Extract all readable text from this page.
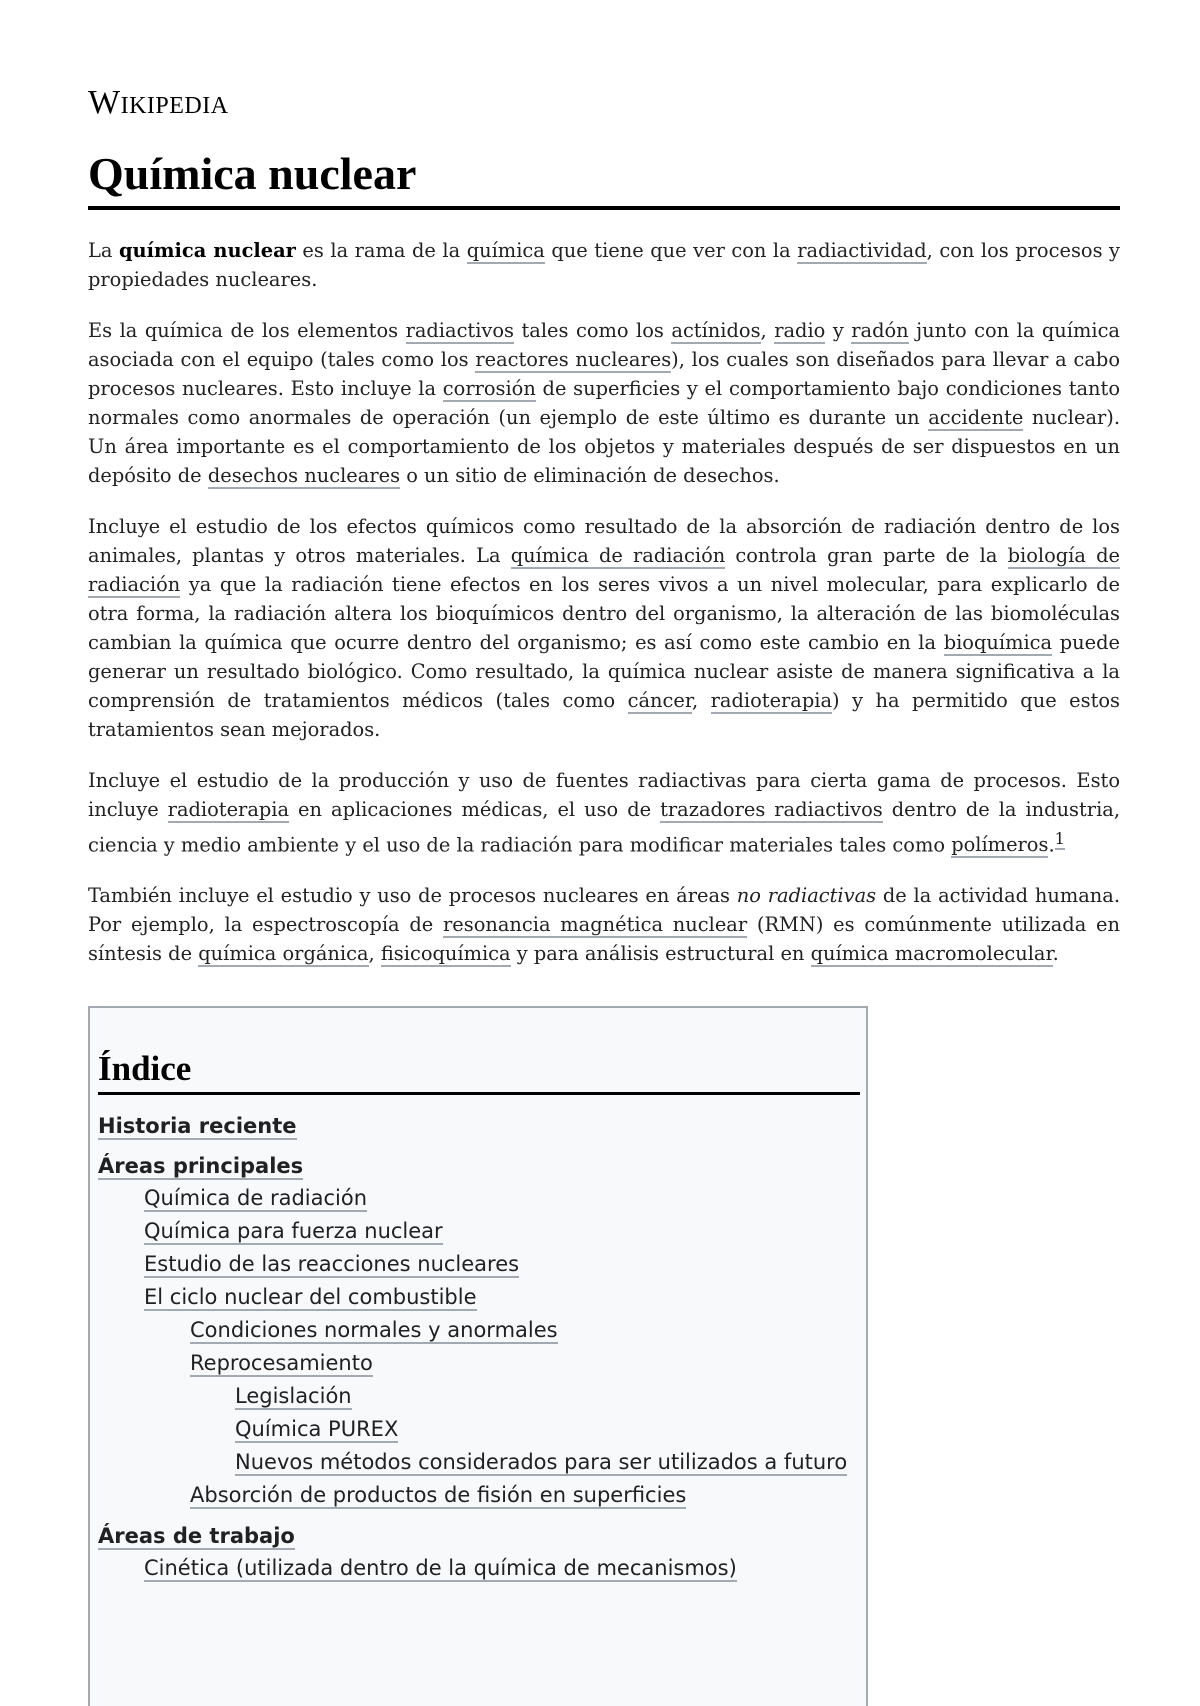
Wikipedia
Química nuclear

La química nuclear es la rama de la química que tiene que ver con la radiactividad, con los procesos y propiedades nucleares.

Es la química de los elementos radiactivos tales como los actínidos, radio y radón junto con la química asociada con el equipo (tales como los reactores nucleares), los cuales son diseñados para llevar a cabo procesos nucleares. Esto incluye la corrosión de superficies y el comportamiento bajo condiciones tanto normales como anormales de operación (un ejemplo de este último es durante un accidente nuclear). Un área importante es el comportamiento de los objetos y materiales después de ser dispuestos en un depósito de desechos nucleares o un sitio de eliminación de desechos.

Incluye el estudio de los efectos químicos como resultado de la absorción de radiación dentro de los animales, plantas y otros materiales. La química de radiación controla gran parte de la biología de radiación ya que la radiación tiene efectos en los seres vivos a un nivel molecular, para explicarlo de otra forma, la radiación altera los bioquímicos dentro del organismo, la alteración de las biomoléculas cambian la química que ocurre dentro del organismo; es así como este cambio en la bioquímica puede generar un resultado biológico. Como resultado, la química nuclear asiste de manera significativa a la comprensión de tratamientos médicos (tales como cáncer, radioterapia) y ha permitido que estos tratamientos sean mejorados.

Incluye el estudio de la producción y uso de fuentes radiactivas para cierta gama de procesos. Esto incluye radioterapia en aplicaciones médicas, el uso de trazadores radiactivos dentro de la industria, ciencia y medio ambiente y el uso de la radiación para modificar materiales tales como polímeros.$^1$

También incluye el estudio y uso de procesos nucleares en áreas no radiactivas de la actividad humana. Por ejemplo, la espectroscopía de resonancia magnética nuclear (RMN) es comúnmente utilizada en síntesis de química orgánica, fisicoquímica y para análisis estructural en química macromolecular.

Índice
Historia reciente
Áreas principales
Química de radiación
Química para fuerza nuclear
Estudio de las reacciones nucleares
El ciclo nuclear del combustible
Condiciones normales y anormales
Reprocesamiento
Legislación
Química PUREX
Nuevos métodos considerados para ser utilizados a futuro
Absorción de productos de fisión en superficies
Áreas de trabajo
Cinética (utilizada dentro de la química de mecanismos)
